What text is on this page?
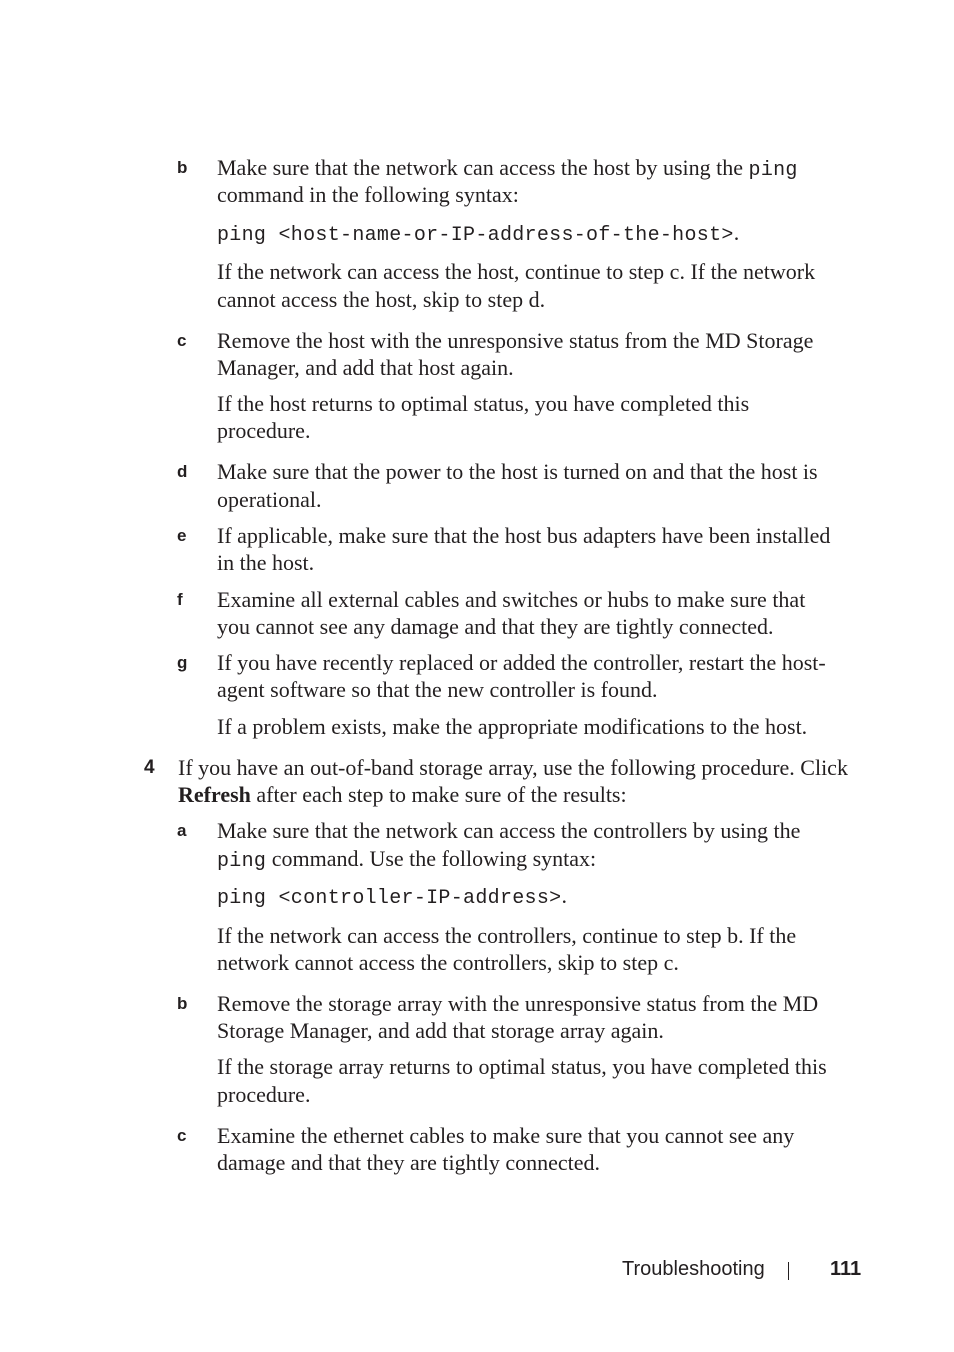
b Make sure that the network can access the host by using the ping

command in the following syntax:

ping <host-name-or-IP-address-of-the-host>.

If the network can access the host, continue to step c. If the network

cannot access the host, skip to step d.

c Remove the host with the unresponsive status from the MD Storage

Manager, and add that host again.

If the host returns to optimal status, you have completed this

procedure.

d Make sure that the power to the host is turned on and that the host is

operational.

e If applicable, make sure that the host bus adapters have been installed

in the host.

f Examine all external cables and switches or hubs to make sure that

you cannot see any damage and that they are tightly connected.

g If you have recently replaced or added the controller, restart the host-

agent software so that the new controller is found.

If a problem exists, make the appropriate modifications to the host.

4 If you have an out-of-band storage array, use the following procedure. Click

Refresh after each step to make sure of the results:

a Make sure that the network can access the controllers by using the

ping command. Use the following syntax:

ping <controller-IP-address>.

If the network can access the controllers, continue to step b. If the

network cannot access the controllers, skip to step c.

b Remove the storage array with the unresponsive status from the MD

Storage Manager, and add that storage array again.

If the storage array returns to optimal status, you have completed this

procedure.

c Examine the ethernet cables to make sure that you cannot see any

damage and that they are tightly connected.

Troubleshooting	111
